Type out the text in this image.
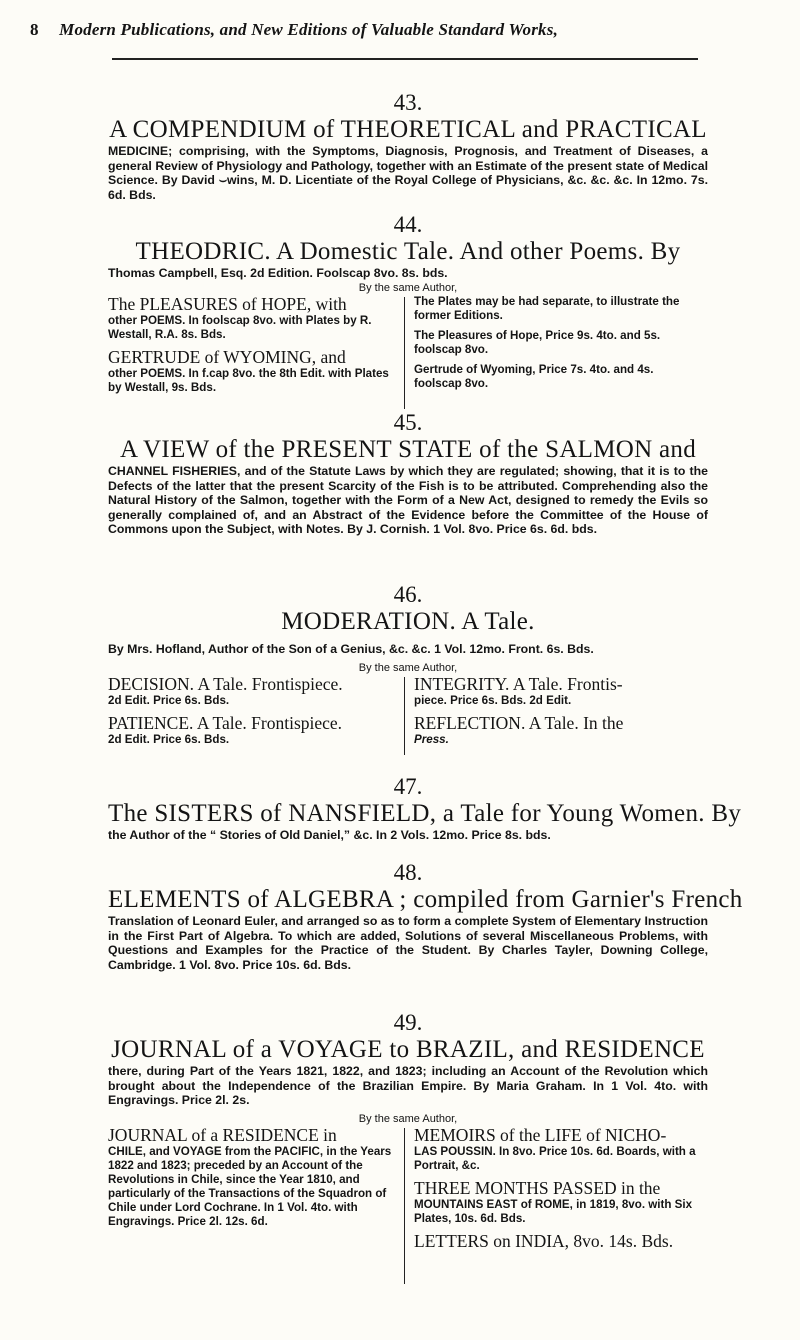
8 Modern Publications, and New Editions of Valuable Standard Works,
43.
A COMPENDIUM of THEORETICAL and PRACTICAL
MEDICINE; comprising, with the Symptoms, Diagnosis, Prognosis, and Treatment of Diseases, a general Review of Physiology and Pathology, together with an Estimate of the present state of Medical Science. By David ⌣wins, M. D. Licentiate of the Royal College of Physicians, &c. &c. &c. In 12mo. 7s. 6d. Bds.
44.
THEODRIC. A Domestic Tale. And other Poems. By
Thomas Campbell, Esq. 2d Edition. Foolscap 8vo. 8s. bds.
By the same Author,
The PLEASURES of HOPE, with
other POEMS. In foolscap 8vo. with Plates by R. Westall, R.A. 8s. Bds.
GERTRUDE of WYOMING, and
other POEMS. In f.cap 8vo. the 8th Edit. with Plates by Westall, 9s. Bds.
The Plates may be had separate, to illustrate the former Editions.
The Pleasures of Hope, Price 9s. 4to. and 5s. foolscap 8vo.
Gertrude of Wyoming, Price 7s. 4to. and 4s. foolscap 8vo.
45.
A VIEW of the PRESENT STATE of the SALMON and
CHANNEL FISHERIES, and of the Statute Laws by which they are regulated; showing, that it is to the Defects of the latter that the present Scarcity of the Fish is to be attributed. Comprehending also the Natural History of the Salmon, together with the Form of a New Act, designed to remedy the Evils so generally complained of, and an Abstract of the Evidence before the Committee of the House of Commons upon the Subject, with Notes. By J. Cornish. 1 Vol. 8vo. Price 6s. 6d. bds.
46.
MODERATION. A Tale.
By Mrs. Hofland, Author of the Son of a Genius, &c. &c. 1 Vol. 12mo. Front. 6s. Bds.
By the same Author,
DECISION. A Tale. Frontispiece.
2d Edit. Price 6s. Bds.
PATIENCE. A Tale. Frontispiece.
2d Edit. Price 6s. Bds.
INTEGRITY. A Tale. Frontis-
piece. Price 6s. Bds. 2d Edit.
REFLECTION. A Tale. In the
Press.
47.
The SISTERS of NANSFIELD, a Tale for Young Women. By
the Author of the “ Stories of Old Daniel,” &c. In 2 Vols. 12mo. Price 8s. bds.
48.
ELEMENTS of ALGEBRA ; compiled from Garnier's French
Translation of Leonard Euler, and arranged so as to form a complete System of Elementary Instruction in the First Part of Algebra. To which are added, Solutions of several Miscellaneous Problems, with Questions and Examples for the Practice of the Student. By Charles Tayler, Downing College, Cambridge. 1 Vol. 8vo. Price 10s. 6d. Bds.
49.
JOURNAL of a VOYAGE to BRAZIL, and RESIDENCE
there, during Part of the Years 1821, 1822, and 1823; including an Account of the Revolution which brought about the Independence of the Brazilian Empire. By Maria Graham. In 1 Vol. 4to. with Engravings. Price 2l. 2s.
By the same Author,
JOURNAL of a RESIDENCE in
CHILE, and VOYAGE from the PACIFIC, in the Years 1822 and 1823; preceded by an Account of the Revolutions in Chile, since the Year 1810, and particularly of the Transactions of the Squadron of Chile under Lord Cochrane. In 1 Vol. 4to. with Engravings. Price 2l. 12s. 6d.
MEMOIRS of the LIFE of NICHO-
LAS POUSSIN. In 8vo. Price 10s. 6d. Boards, with a Portrait, &c.
THREE MONTHS PASSED in the
MOUNTAINS EAST of ROME, in 1819, 8vo. with Six Plates, 10s. 6d. Bds.
LETTERS on INDIA, 8vo. 14s. Bds.
